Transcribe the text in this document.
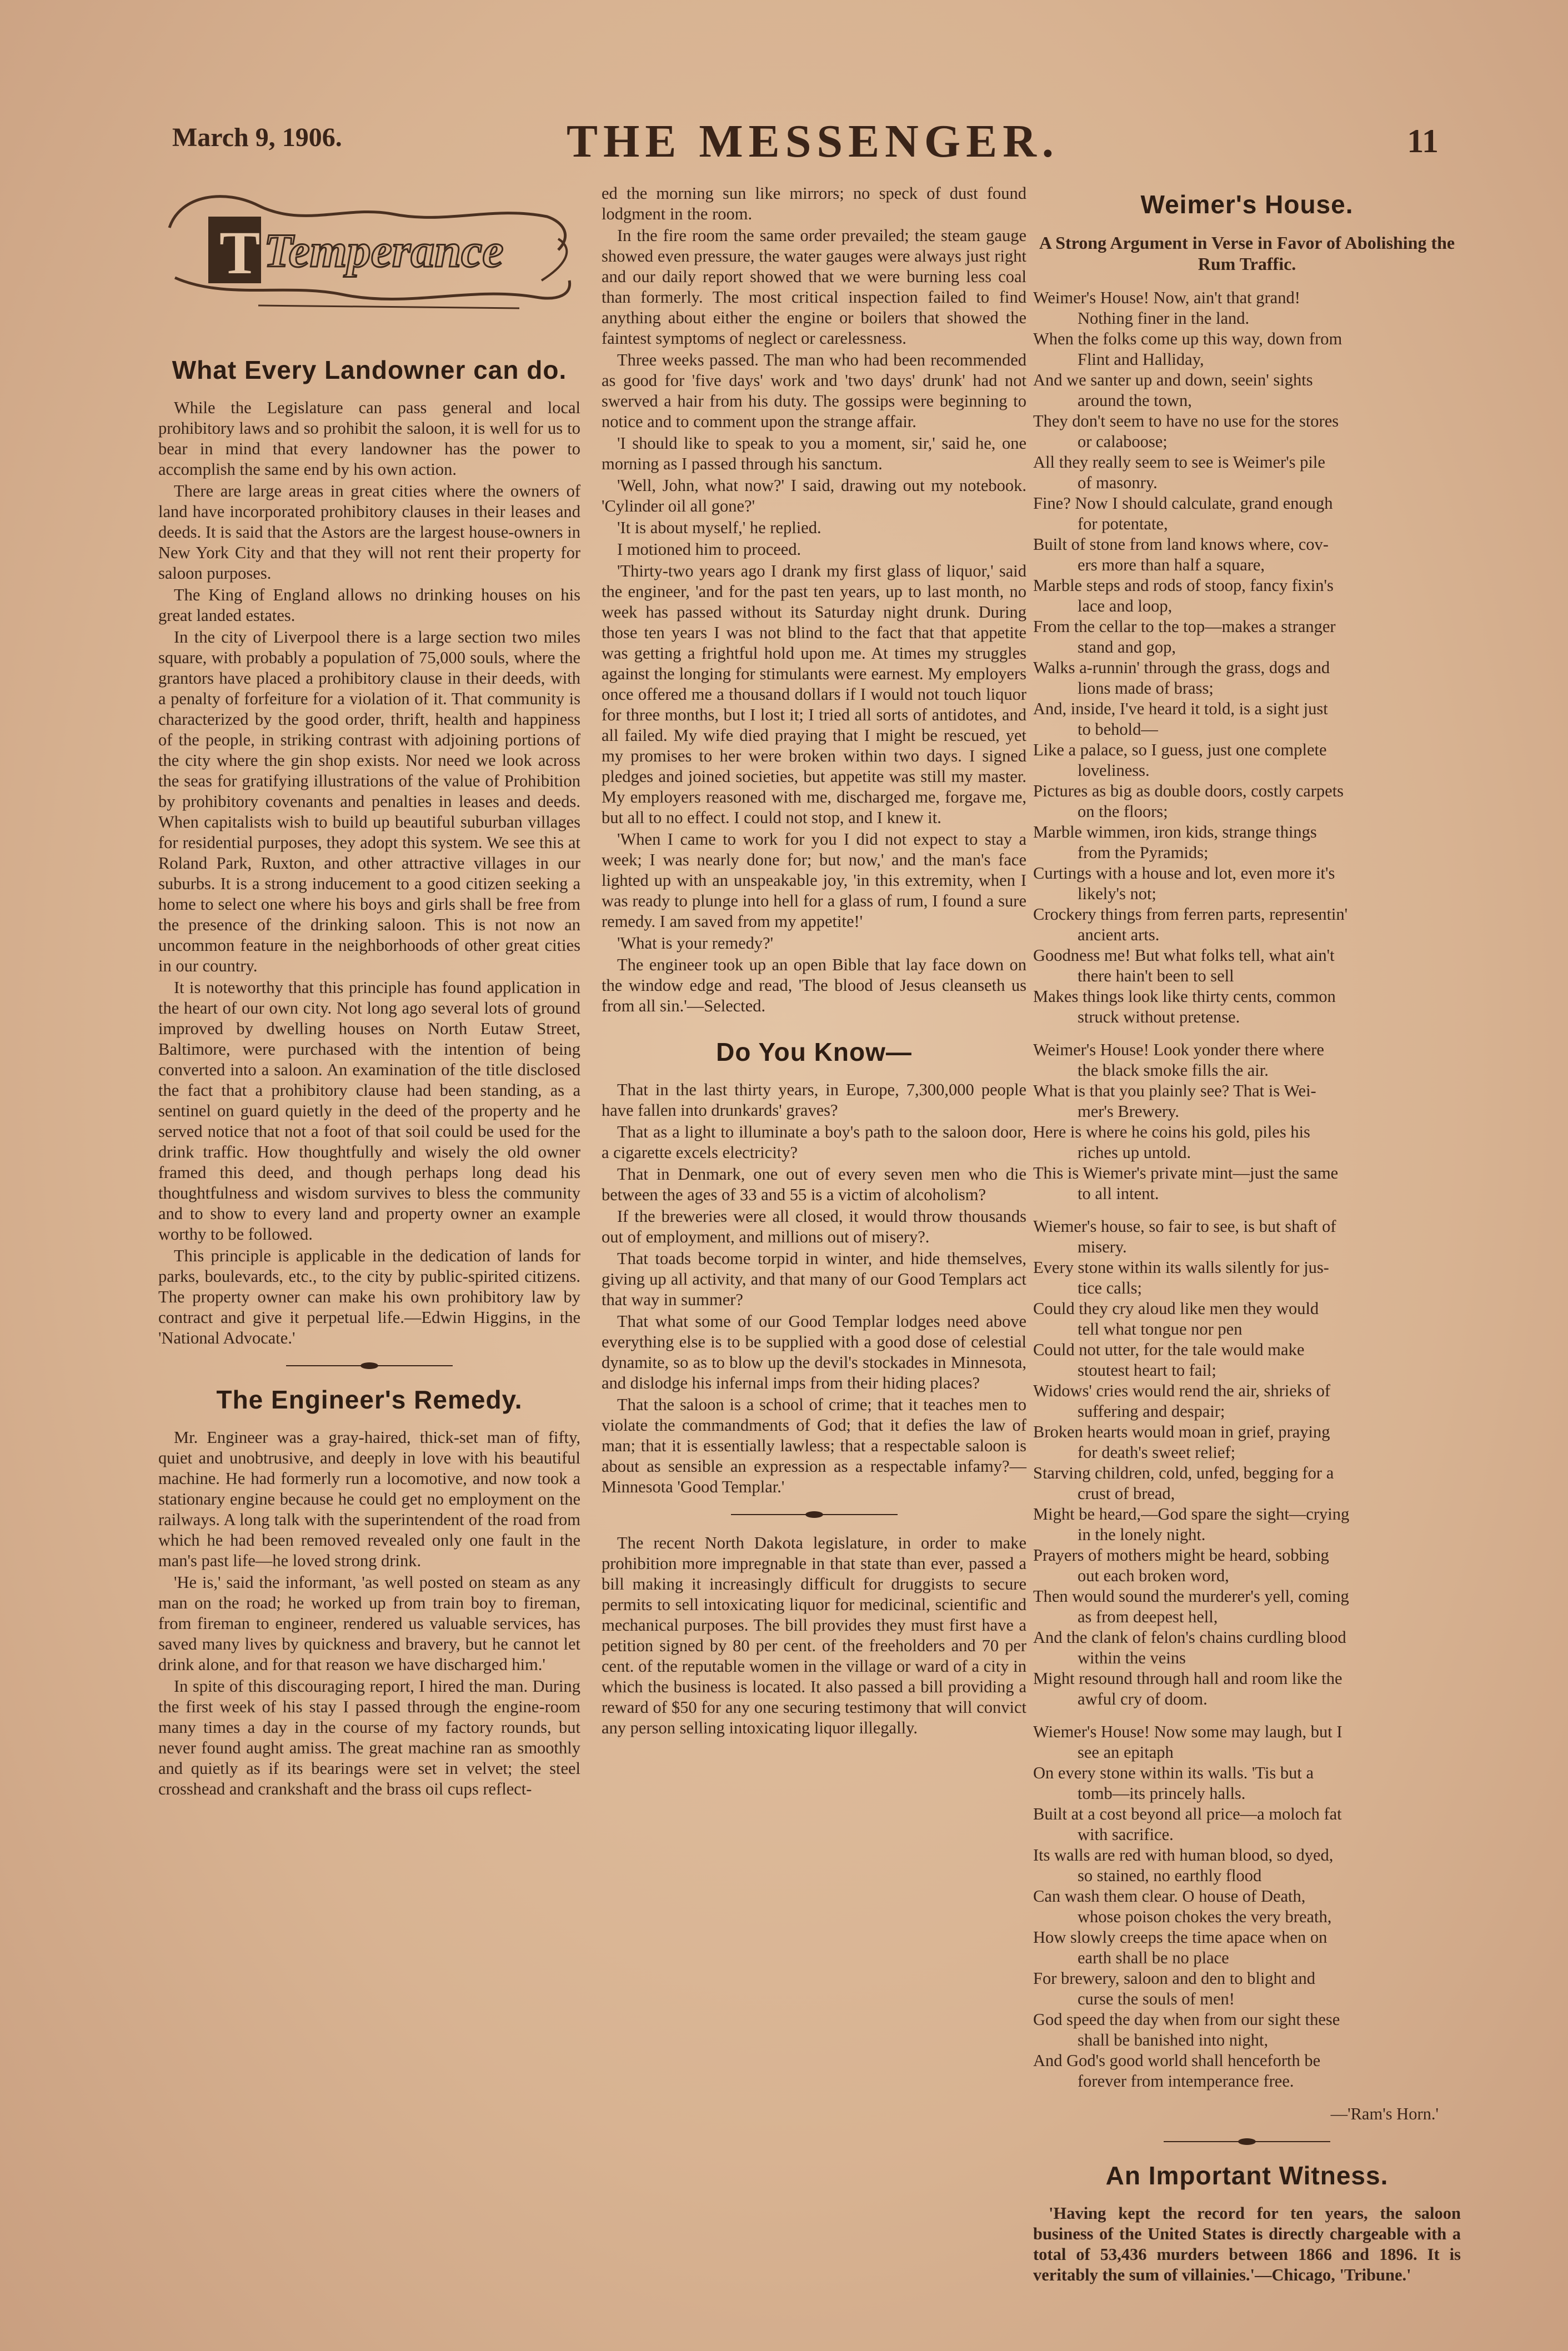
March 9, 1906.	THE MESSENGER.	11
T Temperance
What Every Landowner can do.

While the Legislature can pass general and local prohibitory laws and so prohibit the saloon, it is well for us to bear in mind that every landowner has the power to accomplish the same end by his own action.

There are large areas in great cities where the owners of land have incorporated prohibitory clauses in their leases and deeds. It is said that the Astors are the largest house-owners in New York City and that they will not rent their property for saloon purposes.

The King of England allows no drinking houses on his great landed estates.

In the city of Liverpool there is a large section two miles square, with probably a population of 75,000 souls, where the grantors have placed a prohibitory clause in their deeds, with a penalty of forfeiture for a violation of it. That community is characterized by the good order, thrift, health and happiness of the people, in striking contrast with adjoining portions of the city where the gin shop exists. Nor need we look across the seas for gratifying illustrations of the value of Prohibition by prohibitory covenants and penalties in leases and deeds. When capitalists wish to build up beautiful suburban villages for residential purposes, they adopt this system. We see this at Roland Park, Ruxton, and other attractive villages in our suburbs. It is a strong inducement to a good citizen seeking a home to select one where his boys and girls shall be free from the presence of the drinking saloon. This is not now an uncommon feature in the neighborhoods of other great cities in our country.

It is noteworthy that this principle has found application in the heart of our own city. Not long ago several lots of ground improved by dwelling houses on North Eutaw Street, Baltimore, were purchased with the intention of being converted into a saloon. An examination of the title disclosed the fact that a prohibitory clause had been standing, as a sentinel on guard quietly in the deed of the property and he served notice that not a foot of that soil could be used for the drink traffic. How thoughtfully and wisely the old owner framed this deed, and though perhaps long dead his thoughtfulness and wisdom survives to bless the community and to show to every land and property owner an example worthy to be followed.

This principle is applicable in the dedication of lands for parks, boulevards, etc., to the city by public-spirited citizens. The property owner can make his own prohibitory law by contract and give it perpetual life.—Edwin Higgins, in the 'National Advocate.'

The Engineer's Remedy.

Mr. Engineer was a gray-haired, thick-set man of fifty, quiet and unobtrusive, and deeply in love with his beautiful machine. He had formerly run a locomotive, and now took a stationary engine because he could get no employment on the railways. A long talk with the superintendent of the road from which he had been removed revealed only one fault in the man's past life—he loved strong drink.

'He is,' said the informant, 'as well posted on steam as any man on the road; he worked up from train boy to fireman, from fireman to engineer, rendered us valuable services, has saved many lives by quickness and bravery, but he cannot let drink alone, and for that reason we have discharged him.'

In spite of this discouraging report, I hired the man. During the first week of his stay I passed through the engine-room many times a day in the course of my factory rounds, but never found aught amiss. The great machine ran as smoothly and quietly as if its bearings were set in velvet; the steel crosshead and crankshaft and the brass oil cups reflect-

ed the morning sun like mirrors; no speck of dust found lodgment in the room.

In the fire room the same order prevailed; the steam gauge showed even pressure, the water gauges were always just right and our daily report showed that we were burning less coal than formerly. The most critical inspection failed to find anything about either the engine or boilers that showed the faintest symptoms of neglect or carelessness.

Three weeks passed. The man who had been recommended as good for 'five days' work and 'two days' drunk' had not swerved a hair from his duty. The gossips were beginning to notice and to comment upon the strange affair.

'I should like to speak to you a moment, sir,' said he, one morning as I passed through his sanctum.

'Well, John, what now?' I said, drawing out my notebook. 'Cylinder oil all gone?'

'It is about myself,' he replied.

I motioned him to proceed.

'Thirty-two years ago I drank my first glass of liquor,' said the engineer, 'and for the past ten years, up to last month, no week has passed without its Saturday night drunk. During those ten years I was not blind to the fact that that appetite was getting a frightful hold upon me. At times my struggles against the longing for stimulants were earnest. My employers once offered me a thousand dollars if I would not touch liquor for three months, but I lost it; I tried all sorts of antidotes, and all failed. My wife died praying that I might be rescued, yet my promises to her were broken within two days. I signed pledges and joined societies, but appetite was still my master. My employers reasoned with me, discharged me, forgave me, but all to no effect. I could not stop, and I knew it.

'When I came to work for you I did not expect to stay a week; I was nearly done for; but now,' and the man's face lighted up with an unspeakable joy, 'in this extremity, when I was ready to plunge into hell for a glass of rum, I found a sure remedy. I am saved from my appetite!'

'What is your remedy?'

The engineer took up an open Bible that lay face down on the window edge and read, 'The blood of Jesus cleanseth us from all sin.'—Selected.

Do You Know—

That in the last thirty years, in Europe, 7,300,000 people have fallen into drunkards' graves?

That as a light to illuminate a boy's path to the saloon door, a cigarette excels electricity?

That in Denmark, one out of every seven men who die between the ages of 33 and 55 is a victim of alcoholism?

If the breweries were all closed, it would throw thousands out of employment, and millions out of misery?.

That toads become torpid in winter, and hide themselves, giving up all activity, and that many of our Good Templars act that way in summer?

That what some of our Good Templar lodges need above everything else is to be supplied with a good dose of celestial dynamite, so as to blow up the devil's stockades in Minnesota, and dislodge his infernal imps from their hiding places?

That the saloon is a school of crime; that it teaches men to violate the commandments of God; that it defies the law of man; that it is essentially lawless; that a respectable saloon is about as sensible an expression as a respectable infamy?—Minnesota 'Good Templar.'

The recent North Dakota legislature, in order to make prohibition more impregnable in that state than ever, passed a bill making it increasingly difficult for druggists to secure permits to sell intoxicating liquor for medicinal, scientific and mechanical purposes. The bill provides they must first have a petition signed by 80 per cent. of the freeholders and 70 per cent. of the reputable women in the village or ward of a city in which the business is located. It also passed a bill providing a reward of $50 for any one securing testimony that will convict any person selling intoxicating liquor illegally.

Weimer's House.
A Strong Argument in Verse in Favor of Abolishing the Rum Traffic.
Weimer's House! Now, ain't that grand!
Nothing finer in the land.
When the folks come up this way, down from
Flint and Halliday,
And we santer up and down, seein' sights
around the town,
They don't seem to have no use for the stores
or calaboose;
All they really seem to see is Weimer's pile
of masonry.
Fine? Now I should calculate, grand enough
for potentate,
Built of stone from land knows where, cov-
ers more than half a square,
Marble steps and rods of stoop, fancy fixin's
lace and loop,
From the cellar to the top—makes a stranger
stand and gop,
Walks a-runnin' through the grass, dogs and
lions made of brass;
And, inside, I've heard it told, is a sight just
to behold—
Like a palace, so I guess, just one complete
loveliness.
Pictures as big as double doors, costly carpets
on the floors;
Marble wimmen, iron kids, strange things
from the Pyramids;
Curtings with a house and lot, even more it's
likely's not;
Crockery things from ferren parts, representin'
ancient arts.
Goodness me! But what folks tell, what ain't
there hain't been to sell
Makes things look like thirty cents, common
struck without pretense.
Weimer's House! Look yonder there where
the black smoke fills the air.
What is that you plainly see? That is Wei-
mer's Brewery.
Here is where he coins his gold, piles his
riches up untold.
This is Wiemer's private mint—just the same
to all intent.
Wiemer's house, so fair to see, is but shaft of
misery.
Every stone within its walls silently for jus-
tice calls;
Could they cry aloud like men they would
tell what tongue nor pen
Could not utter, for the tale would make
stoutest heart to fail;
Widows' cries would rend the air, shrieks of
suffering and despair;
Broken hearts would moan in grief, praying
for death's sweet relief;
Starving children, cold, unfed, begging for a
crust of bread,
Might be heard,—God spare the sight—crying
in the lonely night.
Prayers of mothers might be heard, sobbing
out each broken word,
Then would sound the murderer's yell, coming
as from deepest hell,
And the clank of felon's chains curdling blood
within the veins
Might resound through hall and room like the
awful cry of doom.
Wiemer's House! Now some may laugh, but I
see an epitaph
On every stone within its walls. 'Tis but a
tomb—its princely halls.
Built at a cost beyond all price—a moloch fat
with sacrifice.
Its walls are red with human blood, so dyed,
so stained, no earthly flood
Can wash them clear. O house of Death,
whose poison chokes the very breath,
How slowly creeps the time apace when on
earth shall be no place
For brewery, saloon and den to blight and
curse the souls of men!
God speed the day when from our sight these
shall be banished into night,
And God's good world shall henceforth be
forever from intemperance free.
—'Ram's Horn.'
An Important Witness.

'Having kept the record for ten years, the saloon business of the United States is directly chargeable with a total of 53,436 murders between 1866 and 1896. It is veritably the sum of villainies.'—Chicago, 'Tribune.'
